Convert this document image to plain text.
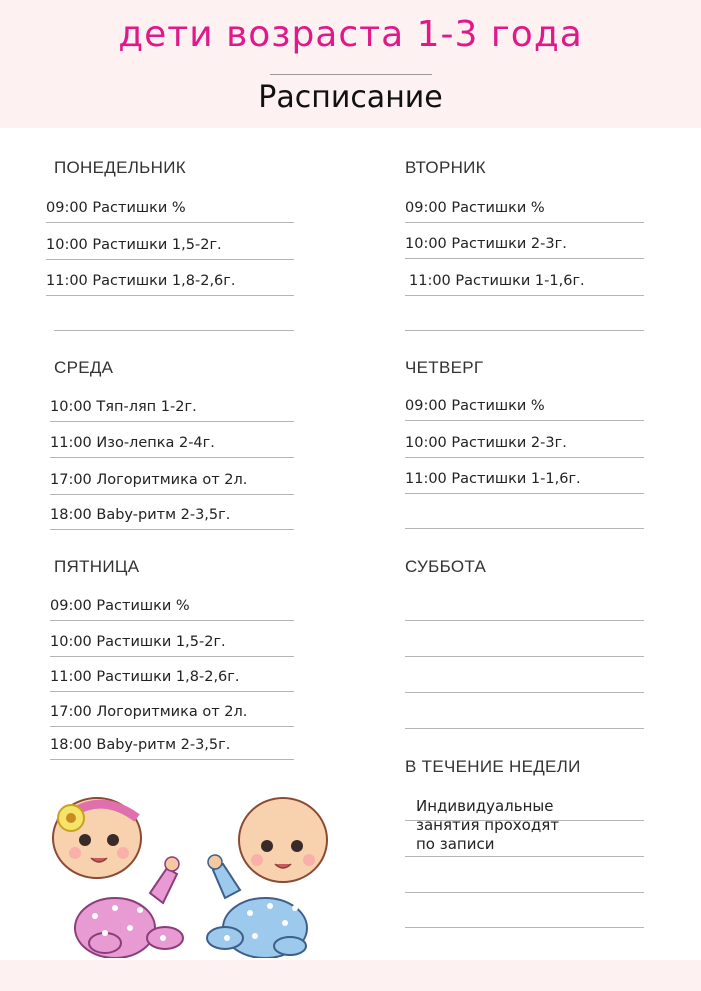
дети возраста 1-3 года
Расписание
ПОНЕДЕЛЬНИК
09:00 Растишки %
10:00 Растишки 1,5-2г.
11:00 Растишки 1,8-2,6г.
ВТОРНИК
09:00 Растишки %
10:00 Растишки 2-3г.
11:00 Растишки 1-1,6г.
СРЕДА
10:00 Тяп-ляп 1-2г.
11:00 Изо-лепка 2-4г.
17:00 Логоритмика от 2л.
18:00 Baby-ритм 2-3,5г.
ЧЕТВЕРГ
09:00 Растишки %
10:00 Растишки 2-3г.
11:00 Растишки 1-1,6г.
ПЯТНИЦА
09:00 Растишки %
10:00 Растишки 1,5-2г.
11:00 Растишки 1,8-2,6г.
17:00 Логоритмика от 2л.
18:00 Baby-ритм 2-3,5г.
СУББОТА
В ТЕЧЕНИЕ НЕДЕЛИ
Индивидуальные
занятия проходят
по записи
